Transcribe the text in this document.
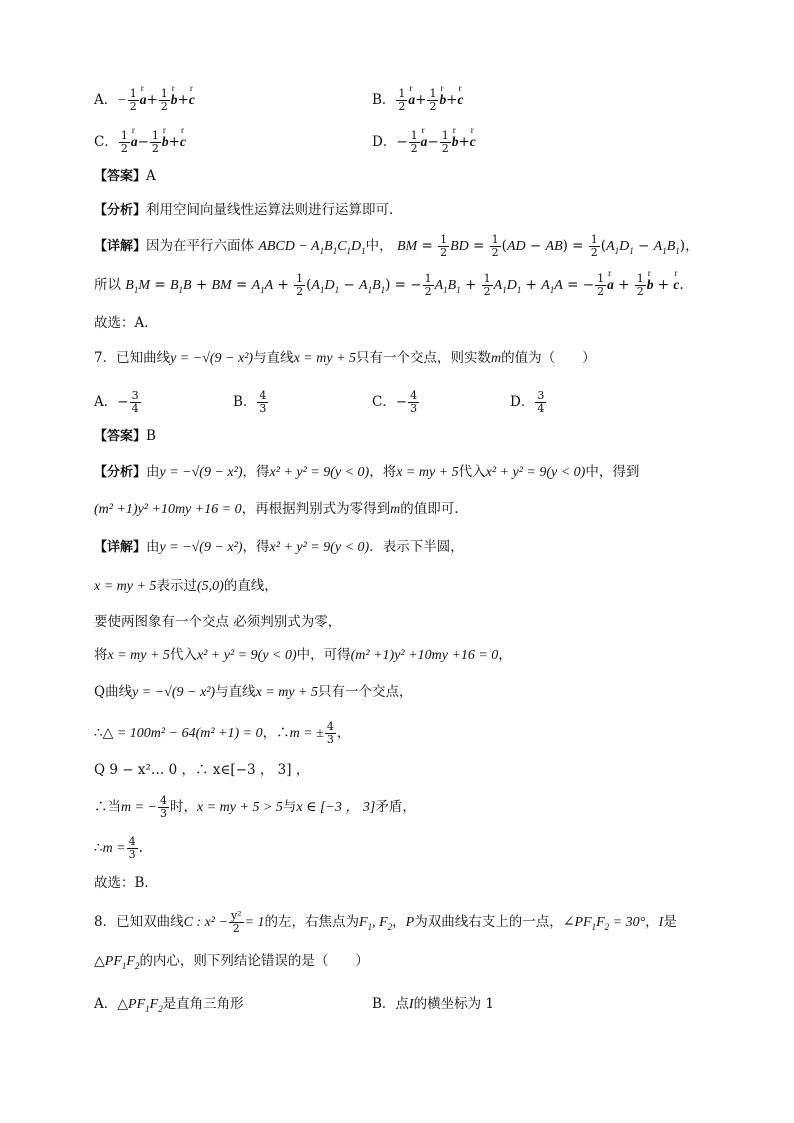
A．− $\frac{1}{2}$ r $a+ \frac{1}{2}$ r b+r c	B． $\frac{1}{2}$ r $a+ \frac{1}{2}$ r b+r c
C． $\frac{1}{2}$ r $a- \frac{1}{2}$ r b+r c	D．− $\frac{1}{2}$ r $a- \frac{1}{2}$ r b+r c
【答案】A
【分析】利用空间向量线性运算法则进行运算即可.
【详解】因为在平行六面体 ABCD − $A_1B_1C_1D_1$中， BM = $\frac{1}{2}$ BD = $\frac{1}{2} (AD - AB) = \frac{1}{2} (A_1D_1 - A_1B_1)$，
所以 $B_1M = B_1B$ + BM = $A_1A + \frac{1}{2} (A_1D_1 - A_1B_1)$ = − $\frac{1}{2} A_1B_1 + \frac{1}{2} A_1D_1 + A_1A$ = − $\frac{1}{2}$ r $a + \frac{1}{2}$ r b + r c.
故选：A.
7．已知曲线y = −√(9 − x²)与直线x = my + 5只有一个交点，则实数m的值为（　　）
A．− $\frac{3}{4}$	B． $\frac{4}{3}$	C．− $\frac{4}{3}$	D． $\frac{3}{4}$
【答案】B
【分析】由y = −√(9 − x²)，得x² + y² = 9(y < 0)，将x = my + 5代入x² + y² = 9(y < 0)中，得到
(m² +1)y² +10my +16 = 0，再根据判别式为零得到m的值即可.
【详解】由y = −√(9 − x²)，得x² + y² = 9(y < 0)．表示下半圆，
x = my + 5表示过(5,0)的直线，
要使两图象有一个交点 必须判别式为零，
将x = my + 5代入x² + y² = 9(y < 0)中，可得(m² +1)y² +10my +16 = 0，
Q曲线y = −√(9 − x²)与直线x = my + 5只有一个交点，
∴△ = 100m² − 64(m² +1) = 0，∴m = ± $\frac{4}{3}$ ，
Q 9 − x²… 0 ，∴ x∈[−3 ， 3] ，
∴当m = − $\frac{4}{3}$ 时，x = my + 5 > 5与x ∈ [−3 ， 3]矛盾，
∴m = $\frac{4}{3}$ .
故选：B．
8．已知双曲线C : $x^2 - \frac{\text{y²}}{2} = 1$的左，右焦点为$F_1$, $F_2$，P为双曲线右支上的一点，$\angle PF_1F_2 = 30^\circ$，I是
$\triangle PF_1F_2$的内心，则下列结论错误的是（　　）
A．$\triangle PF_1F_2$是直角三角形	B．点I的横坐标为 1
